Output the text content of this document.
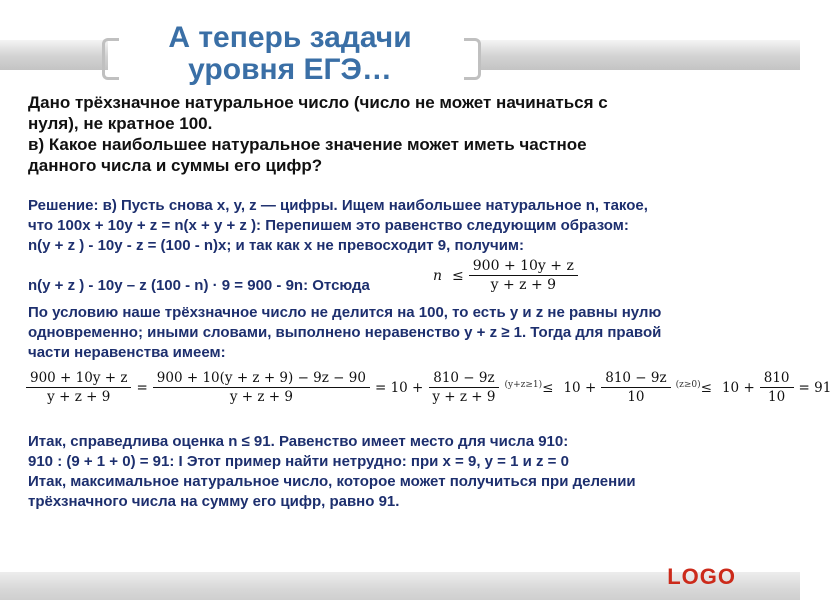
А теперь задачи
уровня ЕГЭ…
Дано трёхзначное натуральное число (число не может начинаться с
нуля), не кратное 100.
в) Какое наибольшее натуральное значение может иметь частное
данного числа и суммы его цифр?
Решение: в) Пусть снова x, y, z — цифры. Ищем наибольшее натуральное n, такое,
что 100x + 10y + z = n(x + y + z ): Перепишем это равенство следующим образом:
n(y + z ) - 10y - z = (100 - n)x; и так как x не превосходит 9, получим:
n(y + z ) - 10y – z (100 - n) · 9 = 900 - 9n: Отсюда
$n \le \frac{900 + 10y + z}{y + z + 9}$
По условию наше трёхзначное число не делится на 100, то есть y и z не равны нулю
одновременно; иными словами, выполнено неравенство y + z ≥ 1. Тогда для правой
части неравенства имеем:
$\frac{900 + 10y + z}{y + z + 9} = \frac{900 + 10(y + z + 9) - 9z - 90}{y + z + 9} = 10 + \frac{810 - 9z}{y + z + 9} ^{(y+z\ge 1)}\le 10 + \frac{810 - 9z}{10} ^{(z\ge 0)}\le 10 + \frac{810}{10} = 91$
Итак, справедлива оценка n ≤ 91. Равенство имеет место для числа 910:
910 : (9 + 1 + 0) = 91: I Этот пример найти нетрудно: при x = 9, y = 1 и z = 0
Итак, максимальное натуральное число, которое может получиться при делении
трёхзначного числа на сумму его цифр, равно 91.
LOGO
